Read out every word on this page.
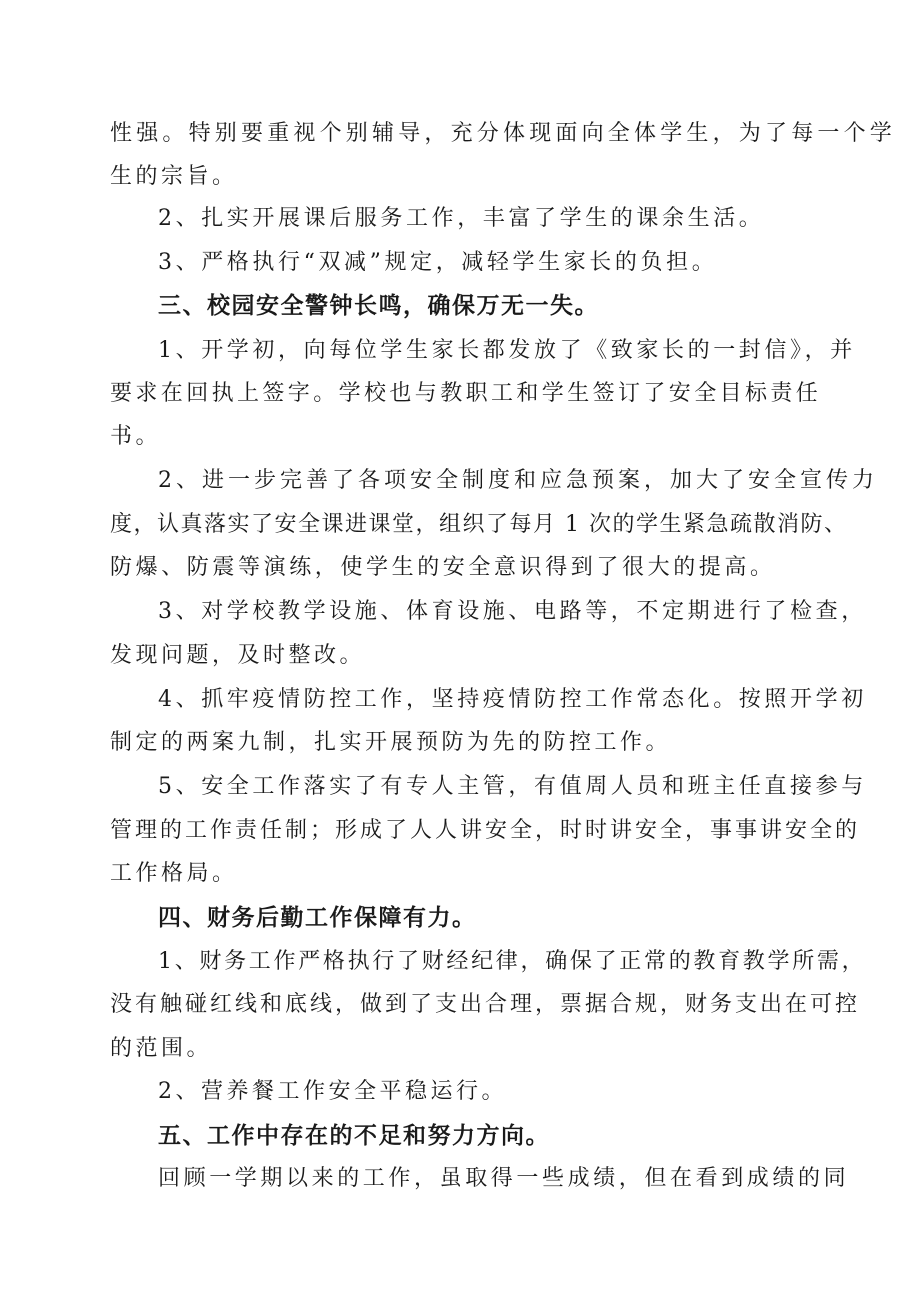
性强。特别要重视个别辅导，充分体现面向全体学生，为了每一个学
生的宗旨。
2、扎实开展课后服务工作，丰富了学生的课余生活。
3、严格执行“双减”规定，减轻学生家长的负担。
三、校园安全警钟长鸣，确保万无一失。
1、开学初，向每位学生家长都发放了《致家长的一封信》，并
要求在回执上签字。学校也与教职工和学生签订了安全目标责任
书。
2、进一步完善了各项安全制度和应急预案，加大了安全宣传力
度，认真落实了安全课进课堂，组织了每月 1 次的学生紧急疏散消防、
防爆、防震等演练，使学生的安全意识得到了很大的提高。
3、对学校教学设施、体育设施、电路等，不定期进行了检查，
发现问题，及时整改。
4、抓牢疫情防控工作，坚持疫情防控工作常态化。按照开学初
制定的两案九制，扎实开展预防为先的防控工作。
5、安全工作落实了有专人主管，有值周人员和班主任直接参与
管理的工作责任制；形成了人人讲安全，时时讲安全，事事讲安全的
工作格局。
四、财务后勤工作保障有力。
1、财务工作严格执行了财经纪律，确保了正常的教育教学所需，
没有触碰红线和底线，做到了支出合理，票据合规，财务支出在可控
的范围。
2、营养餐工作安全平稳运行。
五、工作中存在的不足和努力方向。
回顾一学期以来的工作，虽取得一些成绩，但在看到成绩的同
